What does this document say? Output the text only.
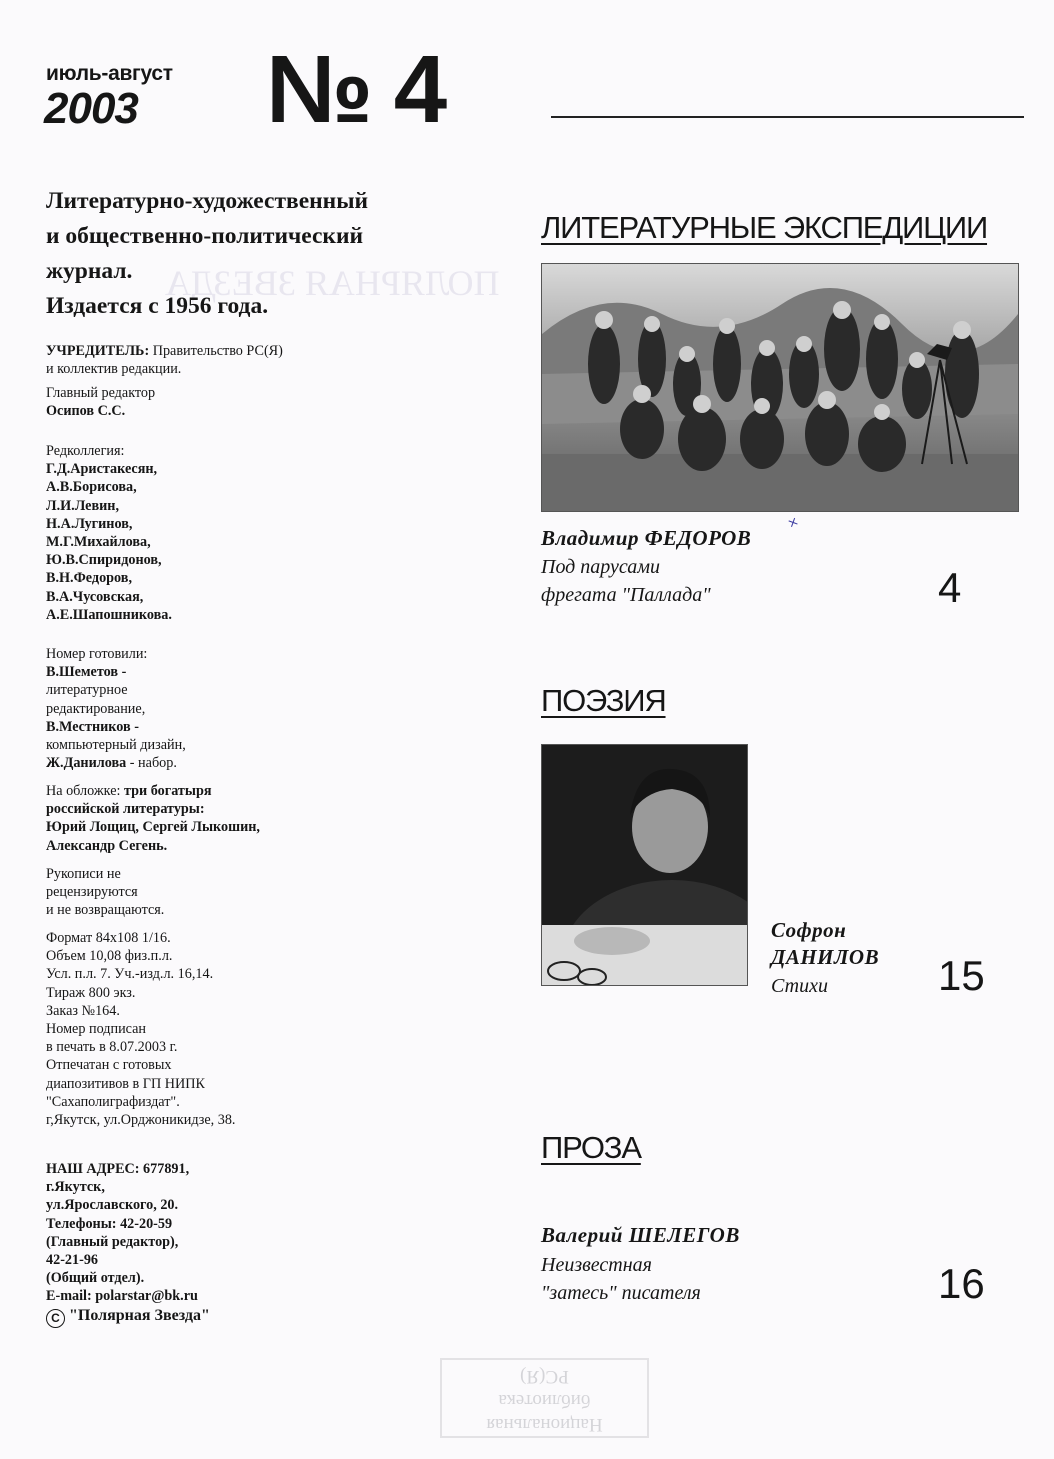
ПОЛЯРНАЯ ЗВЕЗДА
Национальная
библиотека
РС(Я)
июль-август
2003 № 4
Литературно-художественный
и общественно-политический
журнал.
Издается с 1956 года.
УЧРЕДИТЕЛЬ: Правительство РС(Я)
и коллектив редакции.
Главный редактор
Осипов С.С.
Редколлегия:
Г.Д.Аристакесян,
А.В.Борисова,
Л.И.Левин,
Н.А.Лугинов,
М.Г.Михайлова,
Ю.В.Спиридонов,
В.Н.Федоров,
В.А.Чусовская,
А.Е.Шапошникова.
Номер готовили:
В.Шеметов -
литературное
редактирование,
В.Местников -
компьютерный дизайн,
Ж.Данилова - набор.
На обложке: три богатыря
российской литературы:
Юрий Лощиц, Сергей Лыкошин,
Александр Сегень.
Рукописи не
рецензируются
и не возвращаются.
Формат 84x108 1/16.
Объем 10,08 физ.п.л.
Усл. п.л. 7. Уч.-изд.л. 16,14.
Тираж 800 экз.
Заказ №164.
Номер подписан
в печать в 8.07.2003 г.
Отпечатан с готовых
диапозитивов в ГП НИПК
"Сахаполиграфиздат".
г,Якутск, ул.Орджоникидзе, 38.
НАШ АДРЕС: 677891,
г.Якутск,
ул.Ярославского, 20.
Телефоны: 42-20-59
(Главный редактор),
42-21-96
(Общий отдел).
E-mail: polarstar@bk.ru
C "Полярная Звезда"
ЛИТЕРАТУРНЫЕ ЭКСПЕДИЦИИ
Владимир ФЕДОРОВ
+
Под парусами
фрегата "Паллада"	4
ПОЭЗИЯ
Софрон
ДАНИЛОВ
Стихи	15
ПРОЗА
Валерий ШЕЛЕГОВ
Неизвестная
"затесь" писателя	16
